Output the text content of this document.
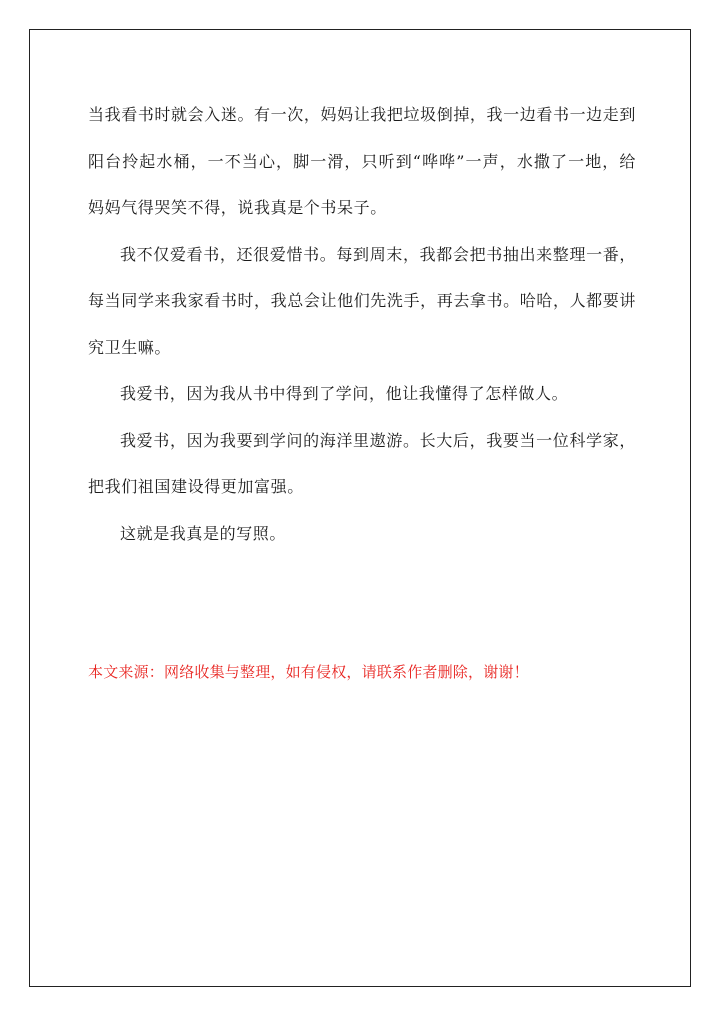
当我看书时就会入迷。有一次，妈妈让我把垃圾倒掉，我一边看书一边走到阳台拎起水桶，一不当心，脚一滑，只听到“哗哗”一声，水撒了一地，给妈妈气得哭笑不得，说我真是个书呆子。

我不仅爱看书，还很爱惜书。每到周末，我都会把书抽出来整理一番，每当同学来我家看书时，我总会让他们先洗手，再去拿书。哈哈，人都要讲究卫生嘛。

我爱书，因为我从书中得到了学问，他让我懂得了怎样做人。

我爱书，因为我要到学问的海洋里遨游。长大后，我要当一位科学家，把我们祖国建设得更加富强。

这就是我真是的写照。

本文来源：网络收集与整理，如有侵权，请联系作者删除，谢谢！
